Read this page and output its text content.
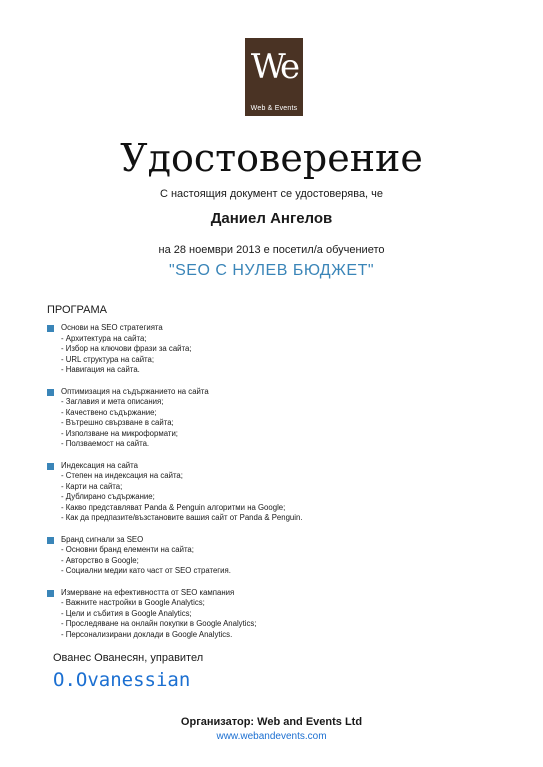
We
Web & Events
Удостоверение
С настоящия документ се удостоверява, че
Даниел Ангелов
на 28 ноември 2013 е посетил/а обучението
"SEO С НУЛЕВ БЮДЖЕТ"
ПРОГРАМА
Основи на SEO стратегията
- Архитектура на сайта;
- Избор на ключови фрази за сайта;
- URL структура на сайта;
- Навигация на сайта.
Оптимизация на съдържанието на сайта
- Заглавия и мета описания;
- Качествено съдържание;
- Вътрешно свързване в сайта;
- Използване на микроформати;
- Ползваемост на сайта.
Индексация на сайта
- Степен на индексация на сайта;
- Карти на сайта;
- Дублирано съдържание;
- Какво представляват Panda & Penguin алгоритми на Google;
- Как да предпазите/възстановите вашия сайт от Panda & Penguin.
Бранд сигнали за SEO
- Основни бранд елементи на сайта;
- Авторство в Google;
- Социални медии като част от SEO стратегия.
Измерване на ефективността от SEO кампания
- Важните настройки в Google Analytics;
- Цели и събития в Google Analytics;
- Проследяване на онлайн покупки в Google Analytics;
- Персонализирани доклади в Google Analytics.
Ованес Ованесян, управител
O.Ovanessian
Организатор: Web and Events Ltd
www.webandevents.com
